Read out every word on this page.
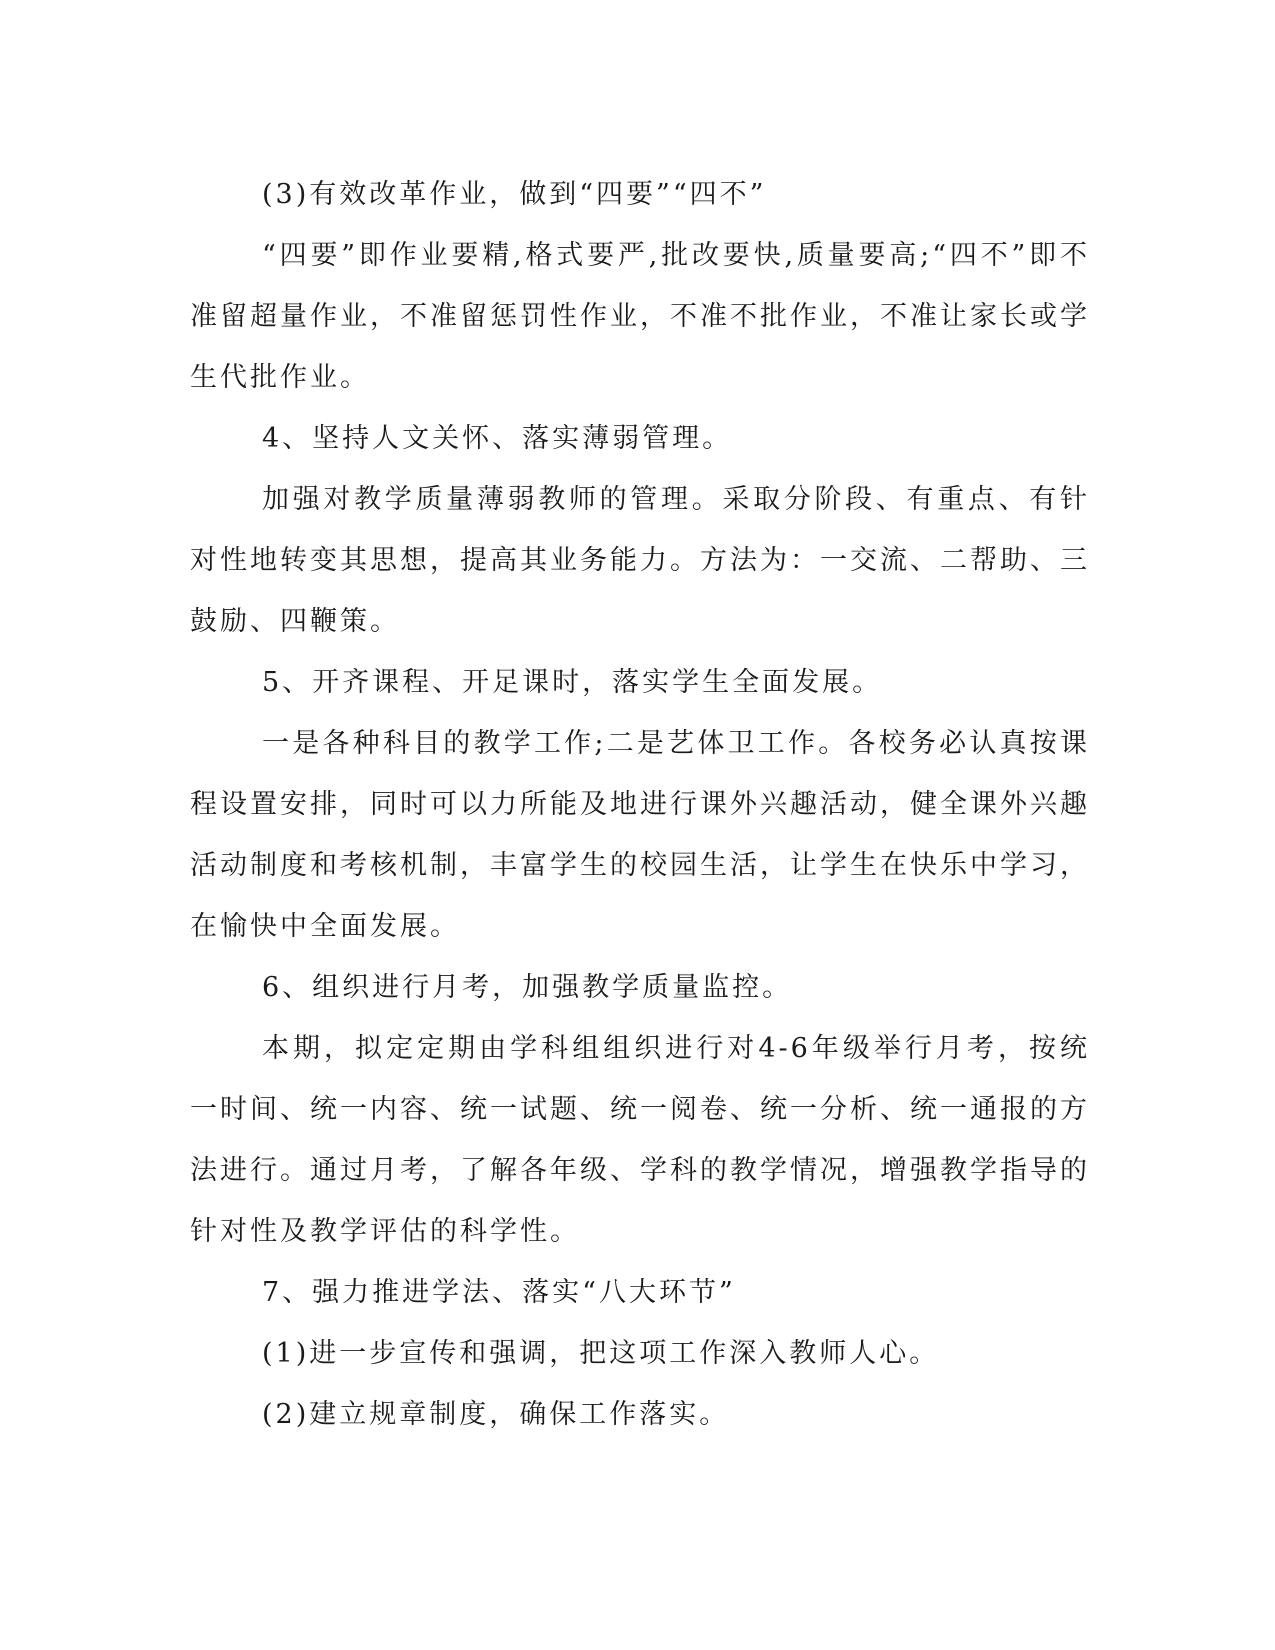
(3)有效改革作业，做到“四要”“四不”

“四要”即作业要精,格式要严,批改要快,质量要高;“四不”即不准留超量作业，不准留惩罚性作业，不准不批作业，不准让家长或学生代批作业。

4、坚持人文关怀、落实薄弱管理。

加强对教学质量薄弱教师的管理。采取分阶段、有重点、有针对性地转变其思想，提高其业务能力。方法为：一交流、二帮助、三鼓励、四鞭策。

5、开齐课程、开足课时，落实学生全面发展。

一是各种科目的教学工作;二是艺体卫工作。各校务必认真按课程设置安排，同时可以力所能及地进行课外兴趣活动，健全课外兴趣活动制度和考核机制，丰富学生的校园生活，让学生在快乐中学习，在愉快中全面发展。

6、组织进行月考，加强教学质量监控。

本期，拟定定期由学科组组织进行对4-6年级举行月考，按统一时间、统一内容、统一试题、统一阅卷、统一分析、统一通报的方法进行。通过月考，了解各年级、学科的教学情况，增强教学指导的针对性及教学评估的科学性。

7、强力推进学法、落实“八大环节”

(1)进一步宣传和强调，把这项工作深入教师人心。

(2)建立规章制度，确保工作落实。
